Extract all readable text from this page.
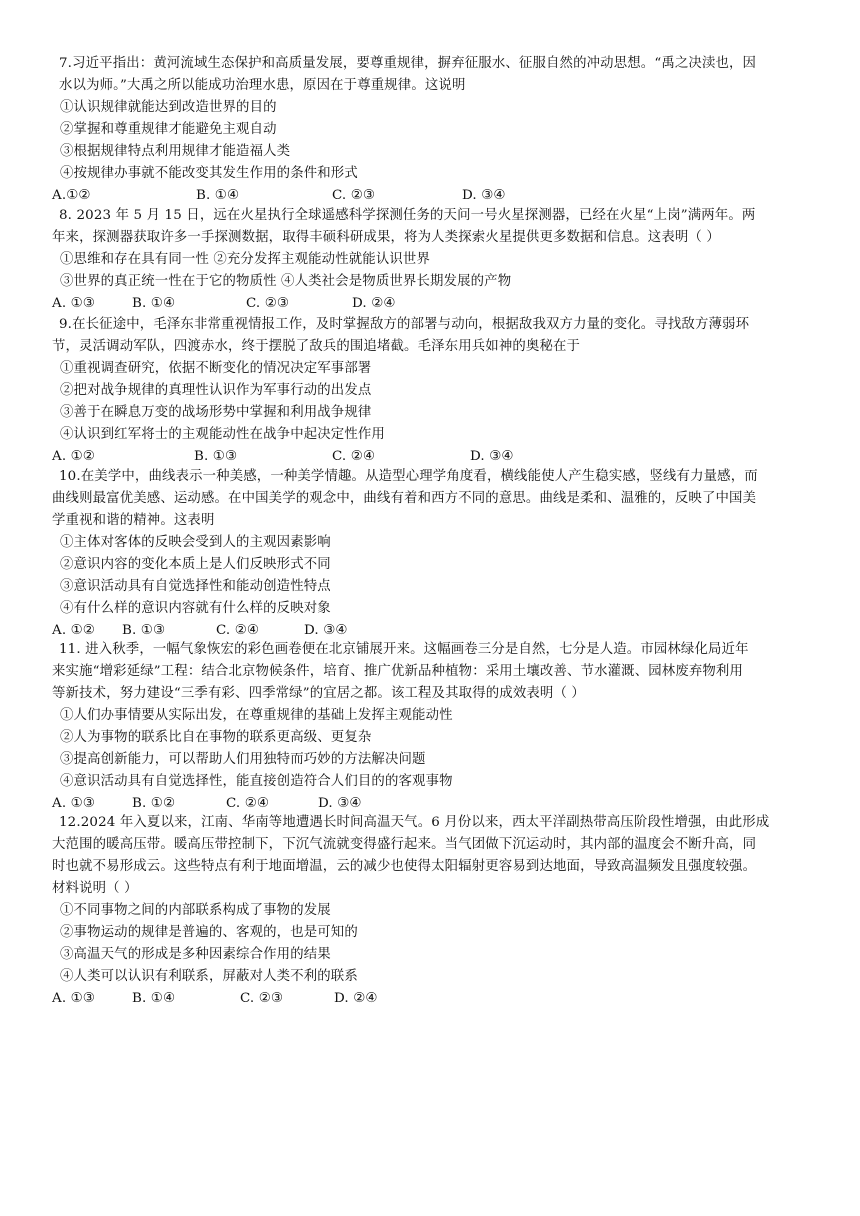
7.习近平指出：黄河流域生态保护和高质量发展，要尊重规律，摒弃征服水、征服自然的冲动思想。“禹之决渎也，因
水以为师。”大禹之所以能成功治理水患，原因在于尊重规律。这说明
①认识规律就能达到改造世界的目的
②掌握和尊重规律才能避免主观自动
③根据规律特点利用规律才能造福人类
④按规律办事就不能改变其发生作用的条件和形式
A.①②	B. ①④	C. ②③	D. ③④
8. 2023 年 5 月 15 日，远在火星执行全球遥感科学探测任务的天问一号火星探测器，已经在火星“上岗”满两年。两
年来，探测器获取许多一手探测数据，取得丰硕科研成果，将为人类探索火星提供更多数据和信息。这表明（ ）
①思维和存在具有同一性 ②充分发挥主观能动性就能认识世界
③世界的真正统一性在于它的物质性 ④人类社会是物质世界长期发展的产物
A. ①③	B. ①④	C. ②③	D. ②④
9.在长征途中，毛泽东非常重视情报工作，及时掌握敌方的部署与动向，根据敌我双方力量的变化。寻找敌方薄弱环
节，灵活调动军队，四渡赤水，终于摆脱了敌兵的围追堵截。毛泽东用兵如神的奥秘在于
①重视调查研究，依据不断变化的情况决定军事部署
②把对战争规律的真理性认识作为军事行动的出发点
③善于在瞬息万变的战场形势中掌握和利用战争规律
④认识到红军将士的主观能动性在战争中起决定性作用
A. ①②	B. ①③	C. ②④	D. ③④
10.在美学中，曲线表示一种美感，一种美学情趣。从造型心理学角度看，横线能使人产生稳实感，竖线有力量感，而
曲线则最富优美感、运动感。在中国美学的观念中，曲线有着和西方不同的意思。曲线是柔和、温雅的，反映了中国美
学重视和谐的精神。这表明
①主体对客体的反映会受到人的主观因素影响
②意识内容的变化本质上是人们反映形式不同
③意识活动具有自觉选择性和能动创造性特点
④有什么样的意识内容就有什么样的反映对象
A. ①② B. ①③	C. ②④	D. ③④
11. 进入秋季，一幅气象恢宏的彩色画卷便在北京铺展开来。这幅画卷三分是自然，七分是人造。市园林绿化局近年
来实施“增彩延绿”工程：结合北京物候条件，培育、推广优新品种植物：采用土壤改善、节水灌溉、园林废弃物利用
等新技术，努力建设“三季有彩、四季常绿”的宜居之都。该工程及其取得的成效表明（ ）
①人们办事情要从实际出发，在尊重规律的基础上发挥主观能动性
②人为事物的联系比自在事物的联系更高级、更复杂
③提高创新能力，可以帮助人们用独特而巧妙的方法解决问题
④意识活动具有自觉选择性，能直接创造符合人们目的的客观事物
A. ①③	B. ①②	C. ②④	D. ③④
12.2024 年入夏以来，江南、华南等地遭遇长时间高温天气。6 月份以来，西太平洋副热带高压阶段性增强，由此形成
大范围的暖高压带。暖高压带控制下，下沉气流就变得盛行起来。当气团做下沉运动时，其内部的温度会不断升高，同
时也就不易形成云。这些特点有利于地面增温，云的减少也使得太阳辐射更容易到达地面，导致高温频发且强度较强。
材料说明（ ）
①不同事物之间的内部联系构成了事物的发展
②事物运动的规律是普遍的、客观的，也是可知的
③高温天气的形成是多种因素综合作用的结果
④人类可以认识有利联系，屏蔽对人类不利的联系
A. ①③	B. ①④	C. ②③	D. ②④
